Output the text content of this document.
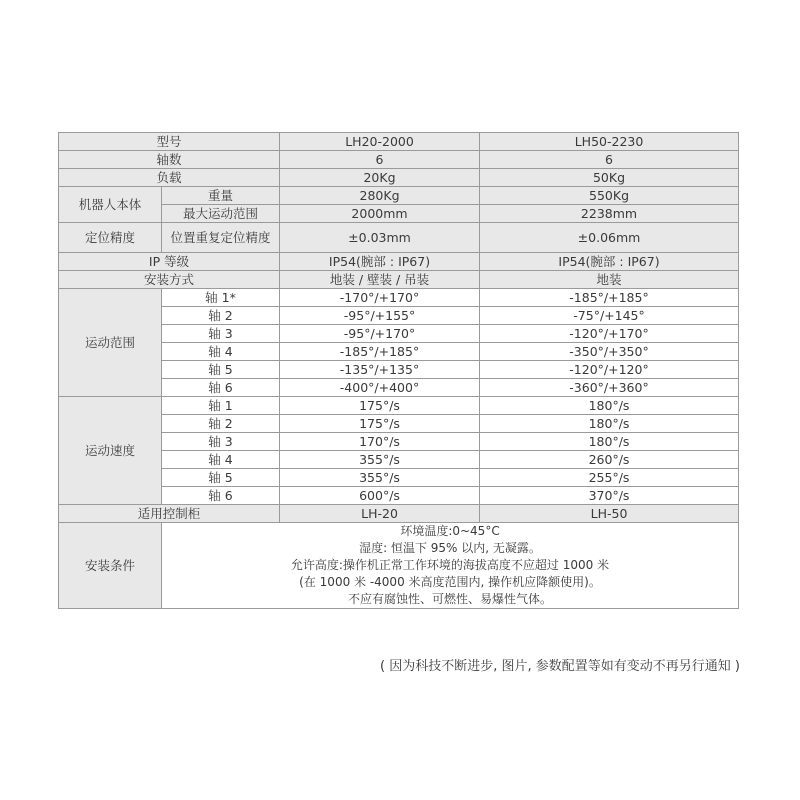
型号		LH20-2000	LH50-2230
轴数		6	6
负载		20Kg	50Kg
机器人本体	重量	280Kg	550Kg
	最大运动范围	2000mm	2238mm
定位精度	位置重复定位精度	±0.03mm	±0.06mm
IP 等级		IP54(腕部 : IP67)	IP54(腕部 : IP67)
安装方式		地装 / 壁装 / 吊装	地装
运动范围	轴 1*	-170°/+170°	-185°/+185°
	轴 2	-95°/+155°	-75°/+145°
	轴 3	-95°/+170°	-120°/+170°
	轴 4	-185°/+185°	-350°/+350°
	轴 5	-135°/+135°	-120°/+120°
	轴 6	-400°/+400°	-360°/+360°
运动速度	轴 1	175°/s	180°/s
	轴 2	175°/s	180°/s
	轴 3	170°/s	180°/s
	轴 4	355°/s	260°/s
	轴 5	355°/s	255°/s
	轴 6	600°/s	370°/s
适用控制柜		LH-20	LH-50
安装条件	环境温度:0~45°C
湿度: 恒温下 95% 以内, 无凝露。
允许高度:操作机正常工作环境的海拔高度不应超过 1000 米
(在 1000 米 -4000 米高度范围内, 操作机应降额使用)。
不应有腐蚀性、可燃性、易爆性气体。		
( 因为科技不断进步, 图片, 参数配置等如有变动不再另行通知 )
